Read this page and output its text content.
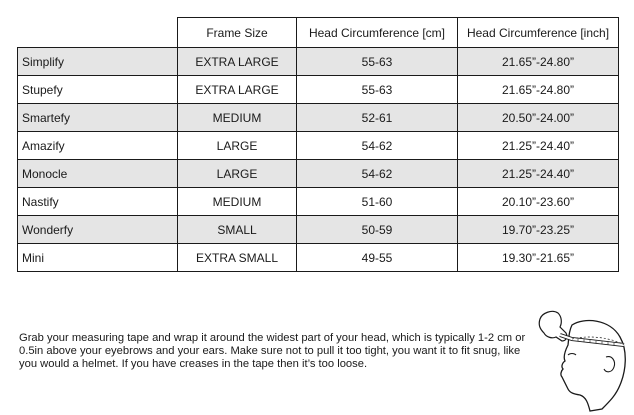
	Frame Size	Head Circumference [cm]	Head Circumference [inch]
Simplify	EXTRA LARGE	55-63	21.65”-24.80”
Stupefy	EXTRA LARGE	55-63	21.65”-24.80”
Smartefy	MEDIUM	52-61	20.50”-24.00”
Amazify	LARGE	54-62	21.25”-24.40”
Monocle	LARGE	54-62	21.25”-24.40”
Nastify	MEDIUM	51-60	20.10”-23.60”
Wonderfy	SMALL	50-59	19.70”-23.25”
Mini	EXTRA SMALL	49-55	19.30”-21.65”

Grab your measuring tape and wrap it around the widest part of your head, which is typically 1-2 cm or 0.5in above your eyebrows and your ears. Make sure not to pull it too tight, you want it to fit snug, like you would a helmet. If you have creases in the tape then it’s too loose.
